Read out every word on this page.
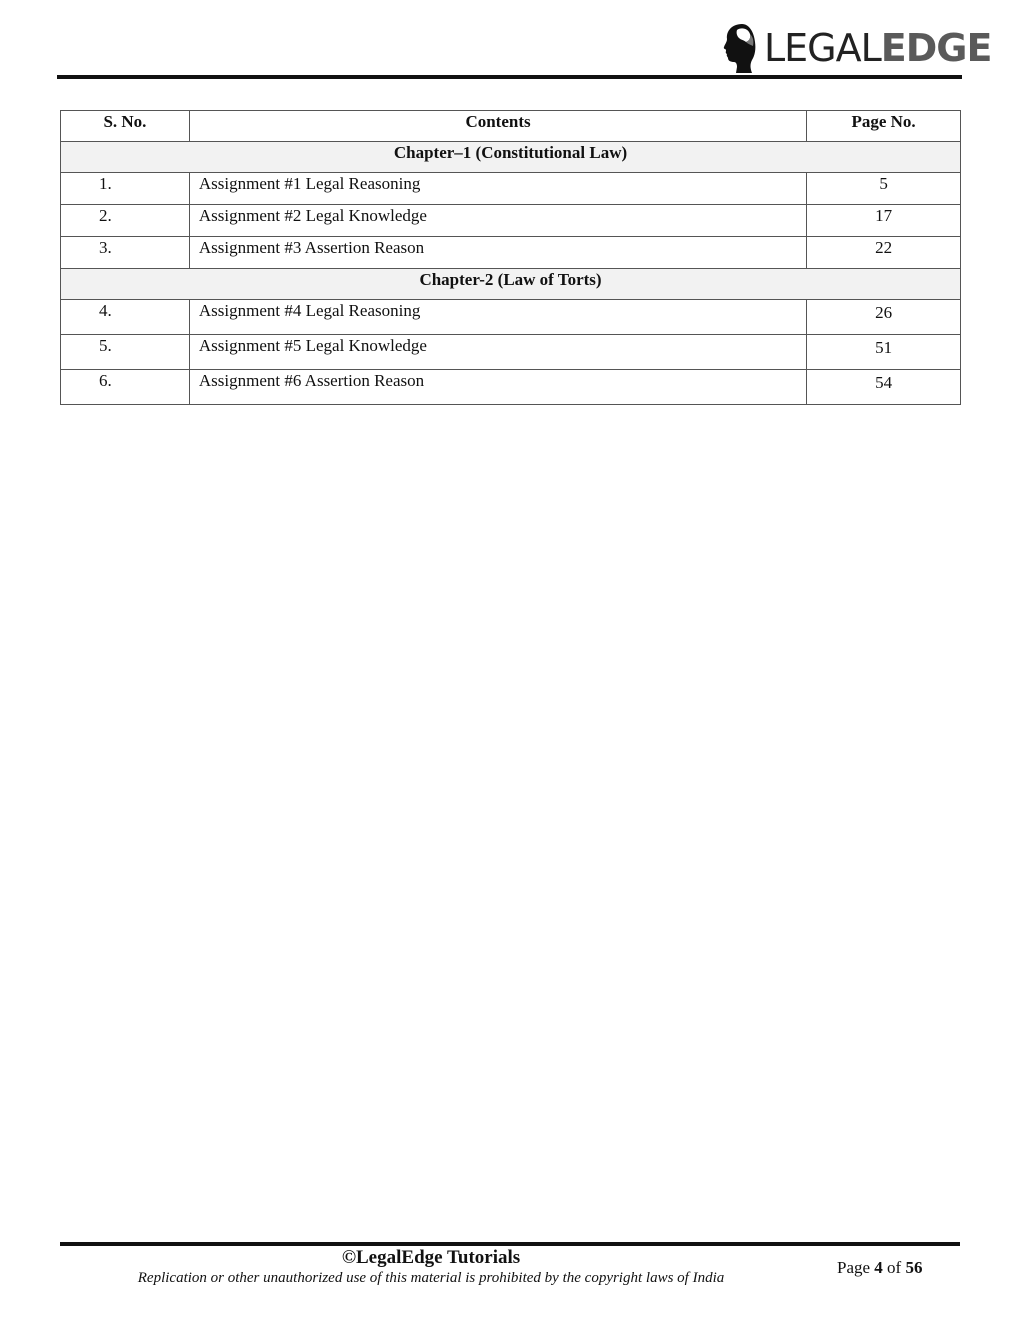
LEGALEDGE
S. No.	Contents	Page No.
Chapter–1 (Constitutional Law)		
1.	Assignment #1 Legal Reasoning	5
2.	Assignment #2 Legal Knowledge	17
3.	Assignment #3 Assertion Reason	22
Chapter-2 (Law of Torts)		
4.	Assignment #4 Legal Reasoning	26
5.	Assignment #5 Legal Knowledge	51
6.	Assignment #6 Assertion Reason	54
©LegalEdge Tutorials
Replication or other unauthorized use of this material is prohibited by the copyright laws of India
Page 4 of 56
